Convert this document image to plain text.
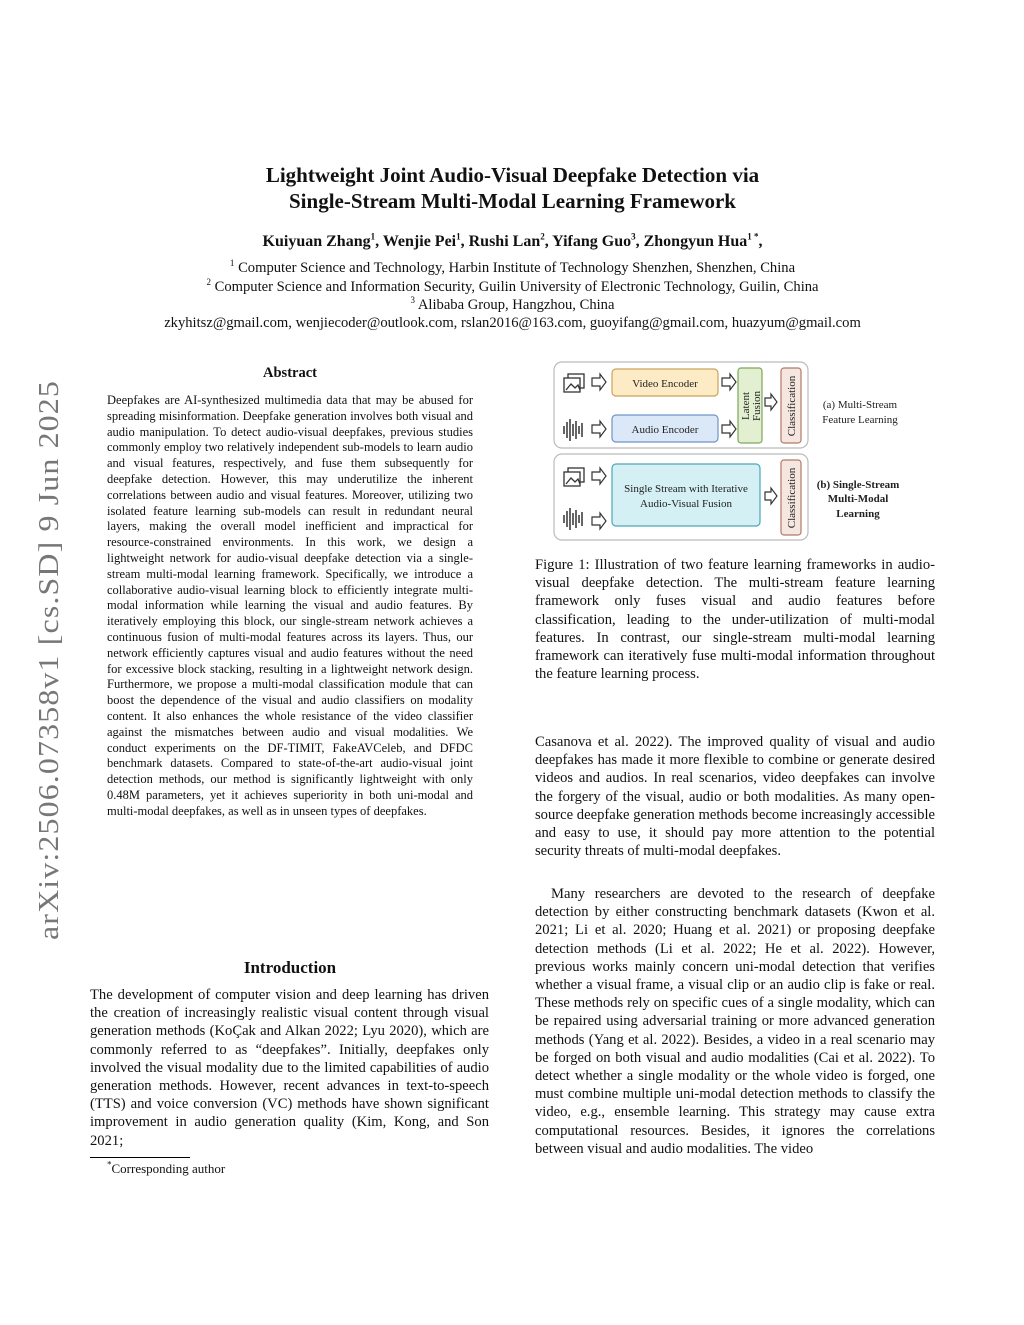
arXiv:2506.07358v1 [cs.SD] 9 Jun 2025
Lightweight Joint Audio-Visual Deepfake Detection via
Single-Stream Multi-Modal Learning Framework
Kuiyuan Zhang$^1$, Wenjie Pei$^1$, Rushi Lan$^2$, Yifang Guo$^3$, Zhongyun Hua$^{1 *}$,
$^1$ Computer Science and Technology, Harbin Institute of Technology Shenzhen, Shenzhen, China
$^2$ Computer Science and Information Security, Guilin University of Electronic Technology, Guilin, China
$^3$ Alibaba Group, Hangzhou, China
zkyhitsz@gmail.com, wenjiecoder@outlook.com, rslan2016@163.com, guoyifang@gmail.com, huazyum@gmail.com
Abstract
Deepfakes are AI-synthesized multimedia data that may be abused for spreading misinformation. Deepfake generation involves both visual and audio manipulation. To detect audio-visual deepfakes, previous studies commonly employ two relatively independent sub-models to learn audio and visual features, respectively, and fuse them subsequently for deepfake detection. However, this may underutilize the inherent correlations between audio and visual features. Moreover, utilizing two isolated feature learning sub-models can result in redundant neural layers, making the overall model inefficient and impractical for resource-constrained environments. In this work, we design a lightweight network for audio-visual deepfake detection via a single-stream multi-modal learning framework. Specifically, we introduce a collaborative audio-visual learning block to efficiently integrate multi-modal information while learning the visual and audio features. By iteratively employing this block, our single-stream network achieves a continuous fusion of multi-modal features across its layers. Thus, our network efficiently captures visual and audio features without the need for excessive block stacking, resulting in a lightweight network design. Furthermore, we propose a multi-modal classification module that can boost the dependence of the visual and audio classifiers on modality content. It also enhances the whole resistance of the video classifier against the mismatches between audio and visual modalities. We conduct experiments on the DF-TIMIT, FakeAVCeleb, and DFDC benchmark datasets. Compared to state-of-the-art audio-visual joint detection methods, our method is significantly lightweight with only 0.48M parameters, yet it achieves superiority in both uni-modal and multi-modal deepfakes, as well as in unseen types of deepfakes.
Introduction
The development of computer vision and deep learning has driven the creation of increasingly realistic visual content through visual generation methods (KoÇak and Alkan 2022; Lyu 2020), which are commonly referred to as “deepfakes”. Initially, deepfakes only involved the visual modality due to the limited capabilities of audio generation methods. However, recent advances in text-to-speech (TTS) and voice conversion (VC) methods have shown significant improvement in audio generation quality (Kim, Kong, and Son 2021;
*Corresponding author
Video Encoder
Audio Encoder
Latent Fusion Classification
Single Stream with Iterative
Audio-Visual Fusion	Classification
(a) Multi-Stream
Feature Learning
(b) Single-Stream
Multi-Modal
Learning
Figure 1: Illustration of two feature learning frameworks in audio-visual deepfake detection. The multi-stream feature learning framework only fuses visual and audio features before classification, leading to the under-utilization of multi-modal features. In contrast, our single-stream multi-modal learning framework can iteratively fuse multi-modal information throughout the feature learning process.
Casanova et al. 2022). The improved quality of visual and audio deepfakes has made it more flexible to combine or generate desired videos and audios. In real scenarios, video deepfakes can involve the forgery of the visual, audio or both modalities. As many open-source deepfake generation methods become increasingly accessible and easy to use, it should pay more attention to the potential security threats of multi-modal deepfakes.
Many researchers are devoted to the research of deepfake detection by either constructing benchmark datasets (Kwon et al. 2021; Li et al. 2020; Huang et al. 2021) or proposing deepfake detection methods (Li et al. 2022; He et al. 2022). However, previous works mainly concern uni-modal detection that verifies whether a visual frame, a visual clip or an audio clip is fake or real. These methods rely on specific cues of a single modality, which can be repaired using adversarial training or more advanced generation methods (Yang et al. 2022). Besides, a video in a real scenario may be forged on both visual and audio modalities (Cai et al. 2022). To detect whether a single modality or the whole video is forged, one must combine multiple uni-modal detection methods to classify the video, e.g., ensemble learning. This strategy may cause extra computational resources. Besides, it ignores the correlations between visual and audio modalities. The video
